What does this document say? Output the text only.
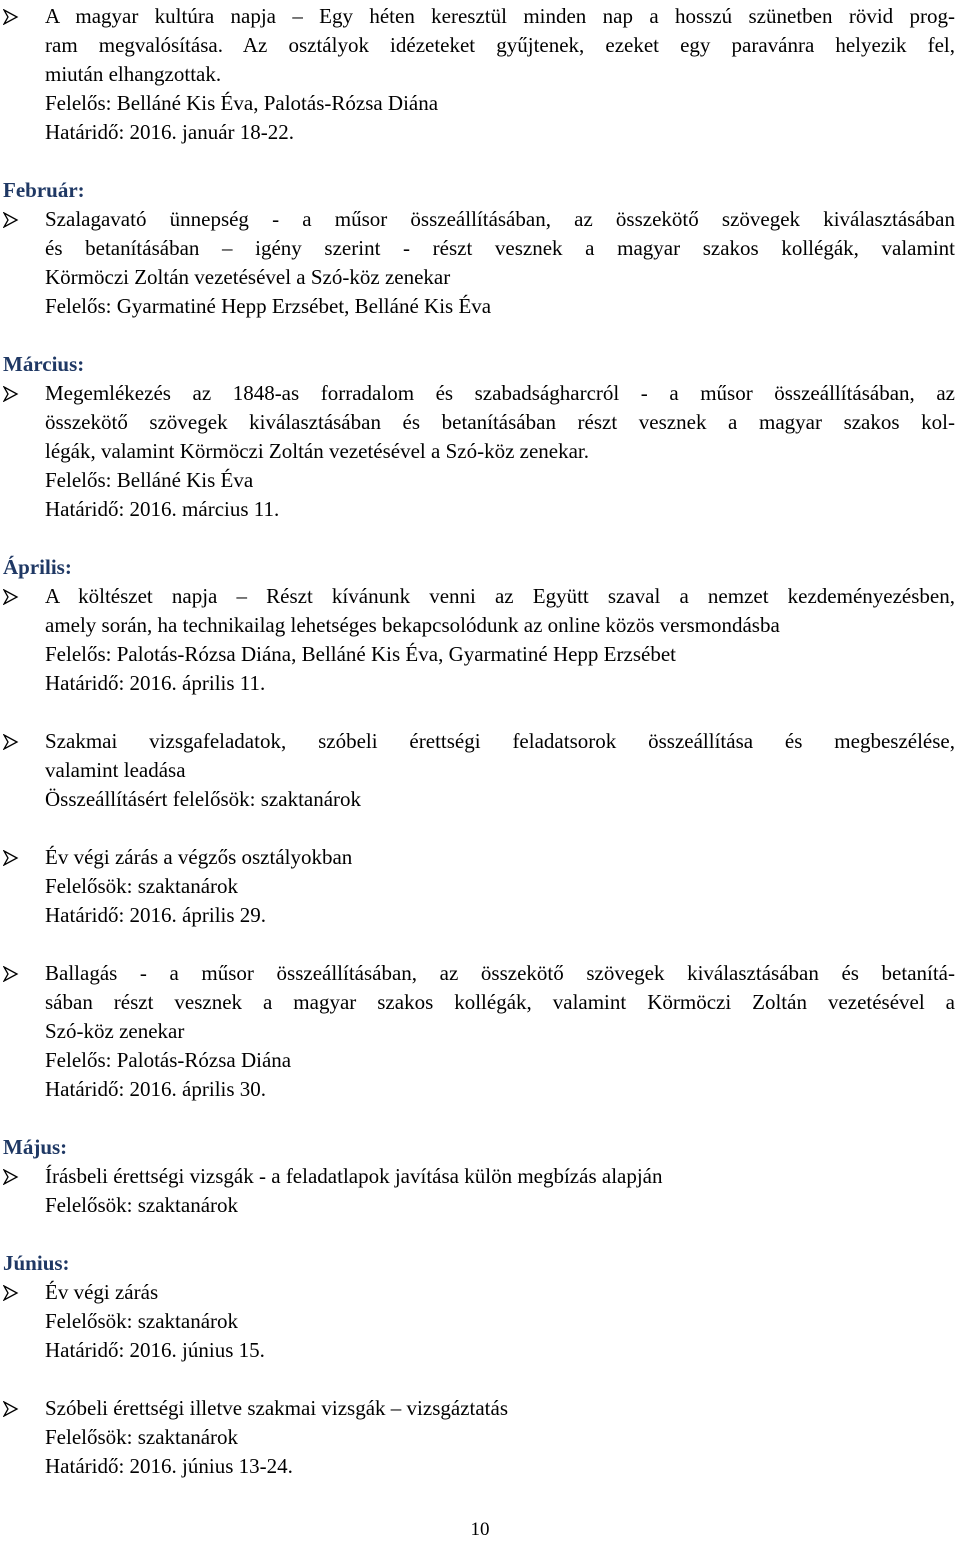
A magyar kultúra napja – Egy héten keresztül minden nap a hosszú szünetben rövid prog-
ram megvalósítása. Az osztályok idézeteket gyűjtenek, ezeket egy paravánra helyezik fel,
miután elhangzottak.
Felelős: Belláné Kis Éva, Palotás-Rózsa Diána
Határidő: 2016. január 18-22.
Február:
Szalagavató ünnepség - a műsor összeállításában, az összekötő szövegek kiválasztásában
és betanításában – igény szerint - részt vesznek a magyar szakos kollégák, valamint
Körmöczi Zoltán vezetésével a Szó-köz zenekar
Felelős: Gyarmatiné Hepp Erzsébet, Belláné Kis Éva
Március:
Megemlékezés az 1848-as forradalom és szabadságharcról - a műsor összeállításában, az
összekötő szövegek kiválasztásában és betanításában részt vesznek a magyar szakos kol-
légák, valamint Körmöczi Zoltán vezetésével a Szó-köz zenekar.
Felelős: Belláné Kis Éva
Határidő: 2016. március 11.
Április:
A költészet napja – Részt kívánunk venni az Együtt szaval a nemzet kezdeményezésben,
amely során, ha technikailag lehetséges bekapcsolódunk az online közös versmondásba
Felelős: Palotás-Rózsa Diána, Belláné Kis Éva, Gyarmatiné Hepp Erzsébet
Határidő: 2016. április 11.
Szakmai vizsgafeladatok, szóbeli érettségi feladatsorok összeállítása és megbeszélése,
valamint leadása
Összeállításért felelősök: szaktanárok
Év végi zárás a végzős osztályokban
Felelősök: szaktanárok
Határidő: 2016. április 29.
Ballagás - a műsor összeállításában, az összekötő szövegek kiválasztásában és betanítá-
sában részt vesznek a magyar szakos kollégák, valamint Körmöczi Zoltán vezetésével a
Szó-köz zenekar
Felelős: Palotás-Rózsa Diána
Határidő: 2016. április 30.
Május:
Írásbeli érettségi vizsgák - a feladatlapok javítása külön megbízás alapján
Felelősök: szaktanárok
Június:
Év végi zárás
Felelősök: szaktanárok
Határidő: 2016. június 15.
Szóbeli érettségi illetve szakmai vizsgák – vizsgáztatás
Felelősök: szaktanárok
Határidő: 2016. június 13-24.
10
